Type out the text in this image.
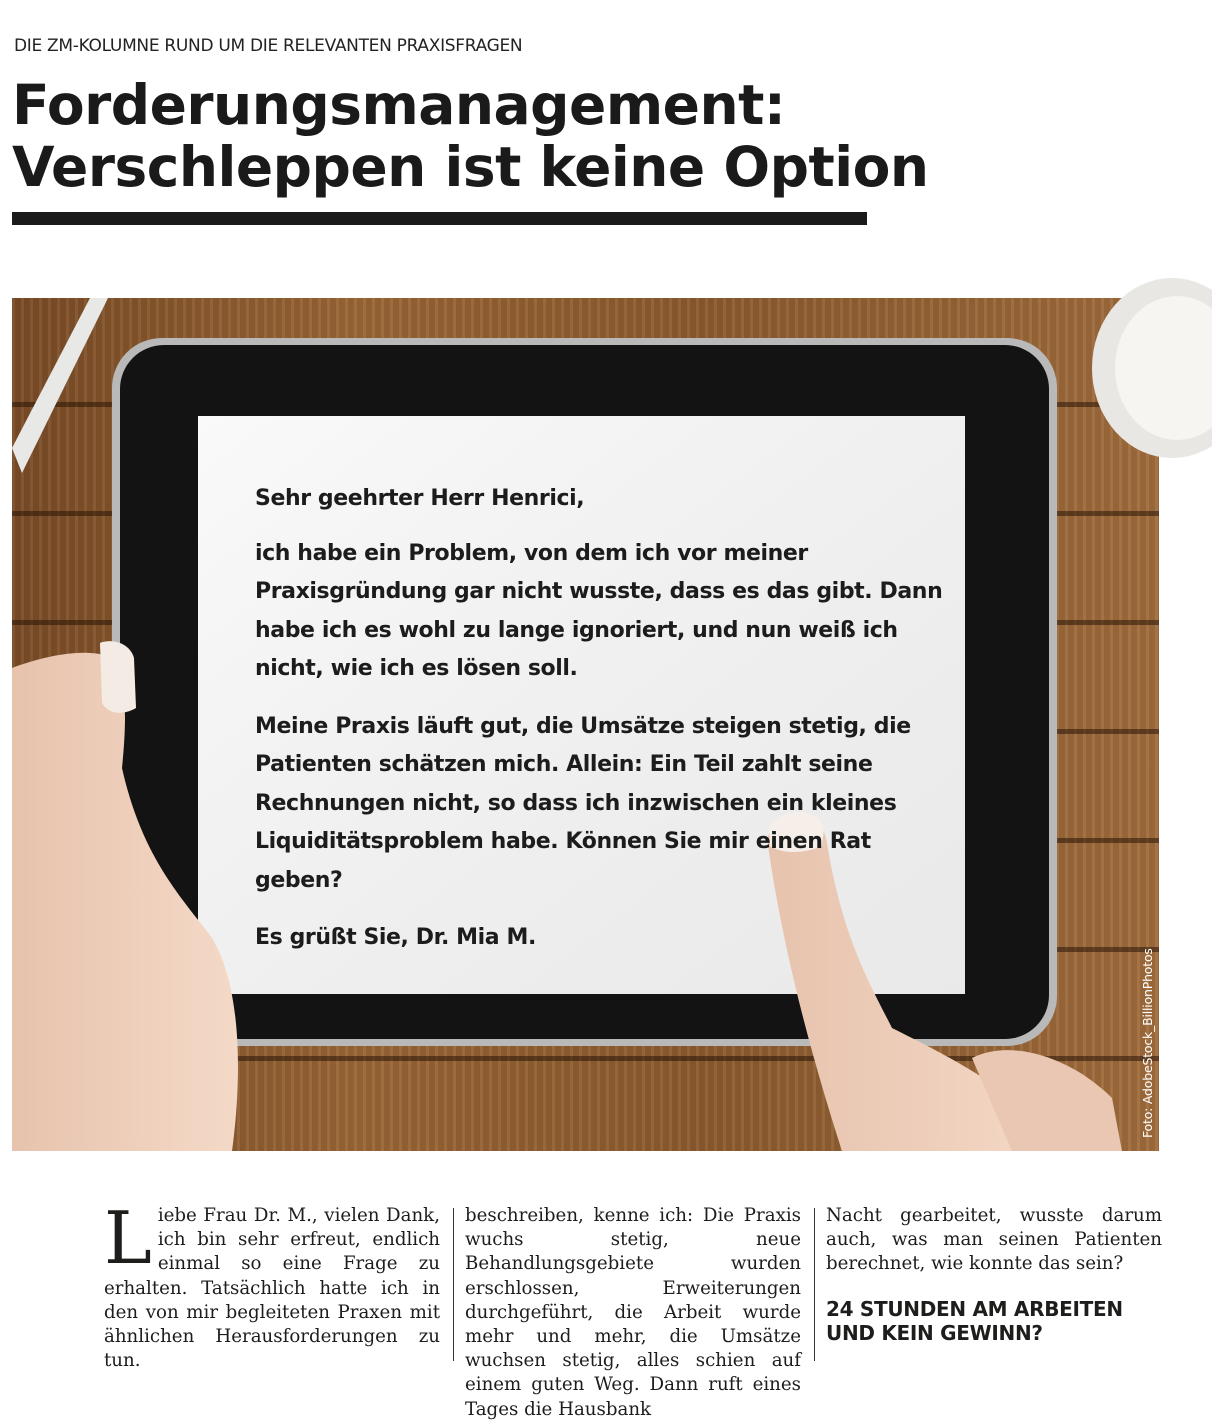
DIE ZM-KOLUMNE RUND UM DIE RELEVANTEN PRAXISFRAGEN
Forderungsmanagement:
Verschleppen ist keine Option

Sehr geehrter Herr Henrici,

ich habe ein Problem, von dem ich vor meiner Praxisgründung gar nicht wusste, dass es das gibt. Dann habe ich es wohl zu lange ignoriert, und nun weiß ich nicht, wie ich es lösen soll.

Meine Praxis läuft gut, die Umsätze steigen stetig, die Patienten schätzen mich. Allein: Ein Teil zahlt seine Rechnungen nicht, so dass ich inzwischen ein kleines Liquiditätsproblem habe. Können Sie mir einen Rat geben?

Es grüßt Sie, Dr. Mia M.

Foto: AdobeStock_BillionPhotos
L iebe Frau Dr. M., vielen Dank, ich bin sehr erfreut, endlich einmal so eine Frage zu erhalten. Tatsächlich hatte ich in den von mir begleiteten Praxen mit ähnlichen Herausforderungen zu tun.

beschreiben, kenne ich: Die Praxis wuchs stetig, neue Behandlungsgebiete wurden erschlossen, Erweiterungen durchgeführt, die Arbeit wurde mehr und mehr, die Umsätze wuchsen stetig, alles schien auf einem guten Weg. Dann ruft eines Tages die Hausbank

Nacht gearbeitet, wusste darum auch, was man seinen Patienten berechnet, wie konnte das sein?

24 STUNDEN AM ARBEITEN UND KEIN GEWINN?
